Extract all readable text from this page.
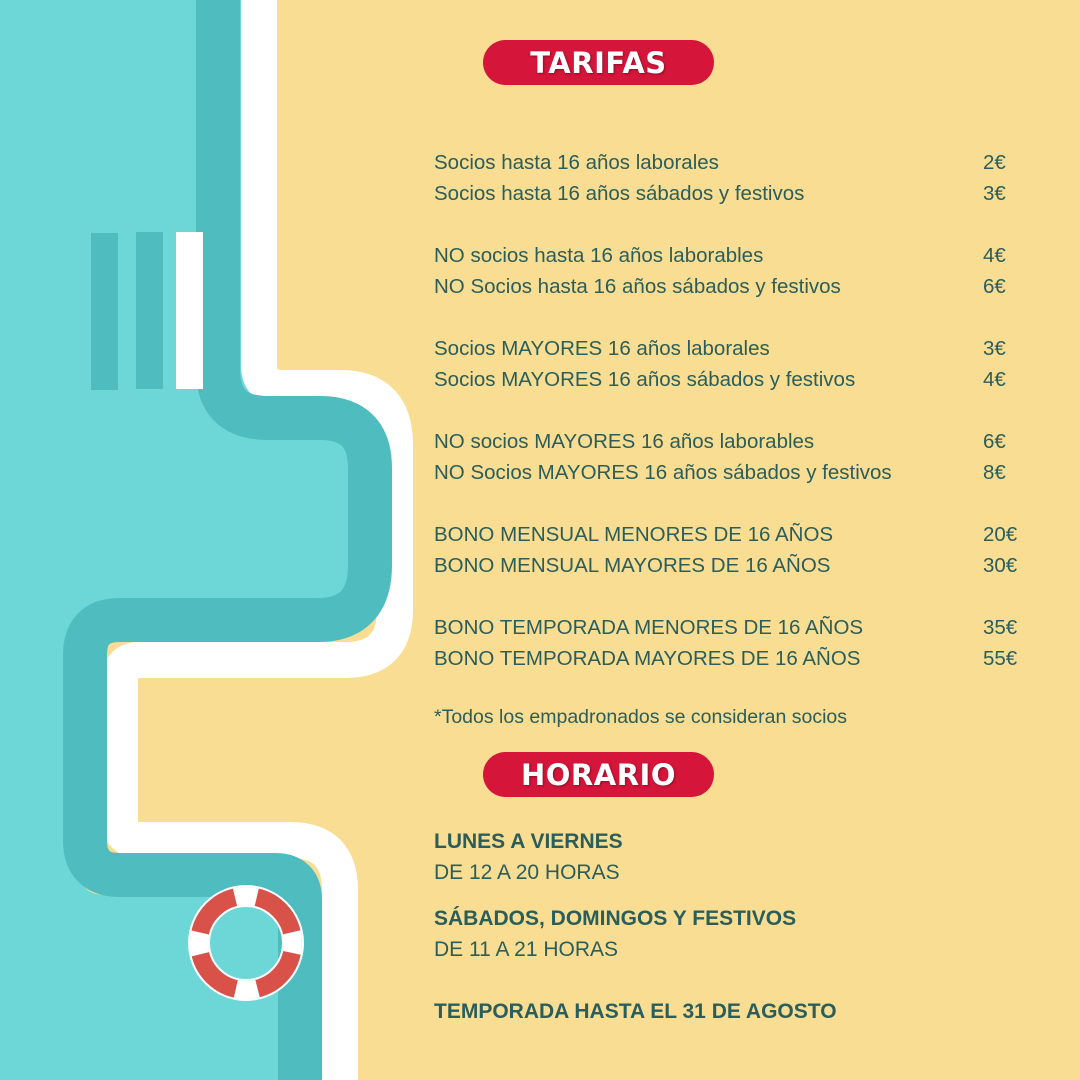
TARIFAS
Socios hasta 16 años laborales	2€
Socios hasta 16 años sábados y festivos	3€
NO socios hasta 16 años laborables	4€
NO Socios hasta 16 años sábados y festivos	6€
Socios MAYORES 16 años laborales	3€
Socios MAYORES 16 años sábados y festivos	4€
NO socios MAYORES 16 años laborables	6€
NO Socios MAYORES 16 años sábados y festivos	8€
BONO MENSUAL MENORES DE 16 AÑOS	20€
BONO MENSUAL MAYORES DE 16 AÑOS	30€
BONO TEMPORADA MENORES DE 16 AÑOS	35€
BONO TEMPORADA MAYORES DE 16 AÑOS	55€
*Todos los empadronados se consideran socios
HORARIO
LUNES A VIERNES
DE 12 A 20 HORAS
SÁBADOS, DOMINGOS Y FESTIVOS
DE 11 A 21 HORAS
TEMPORADA HASTA EL 31 DE AGOSTO
